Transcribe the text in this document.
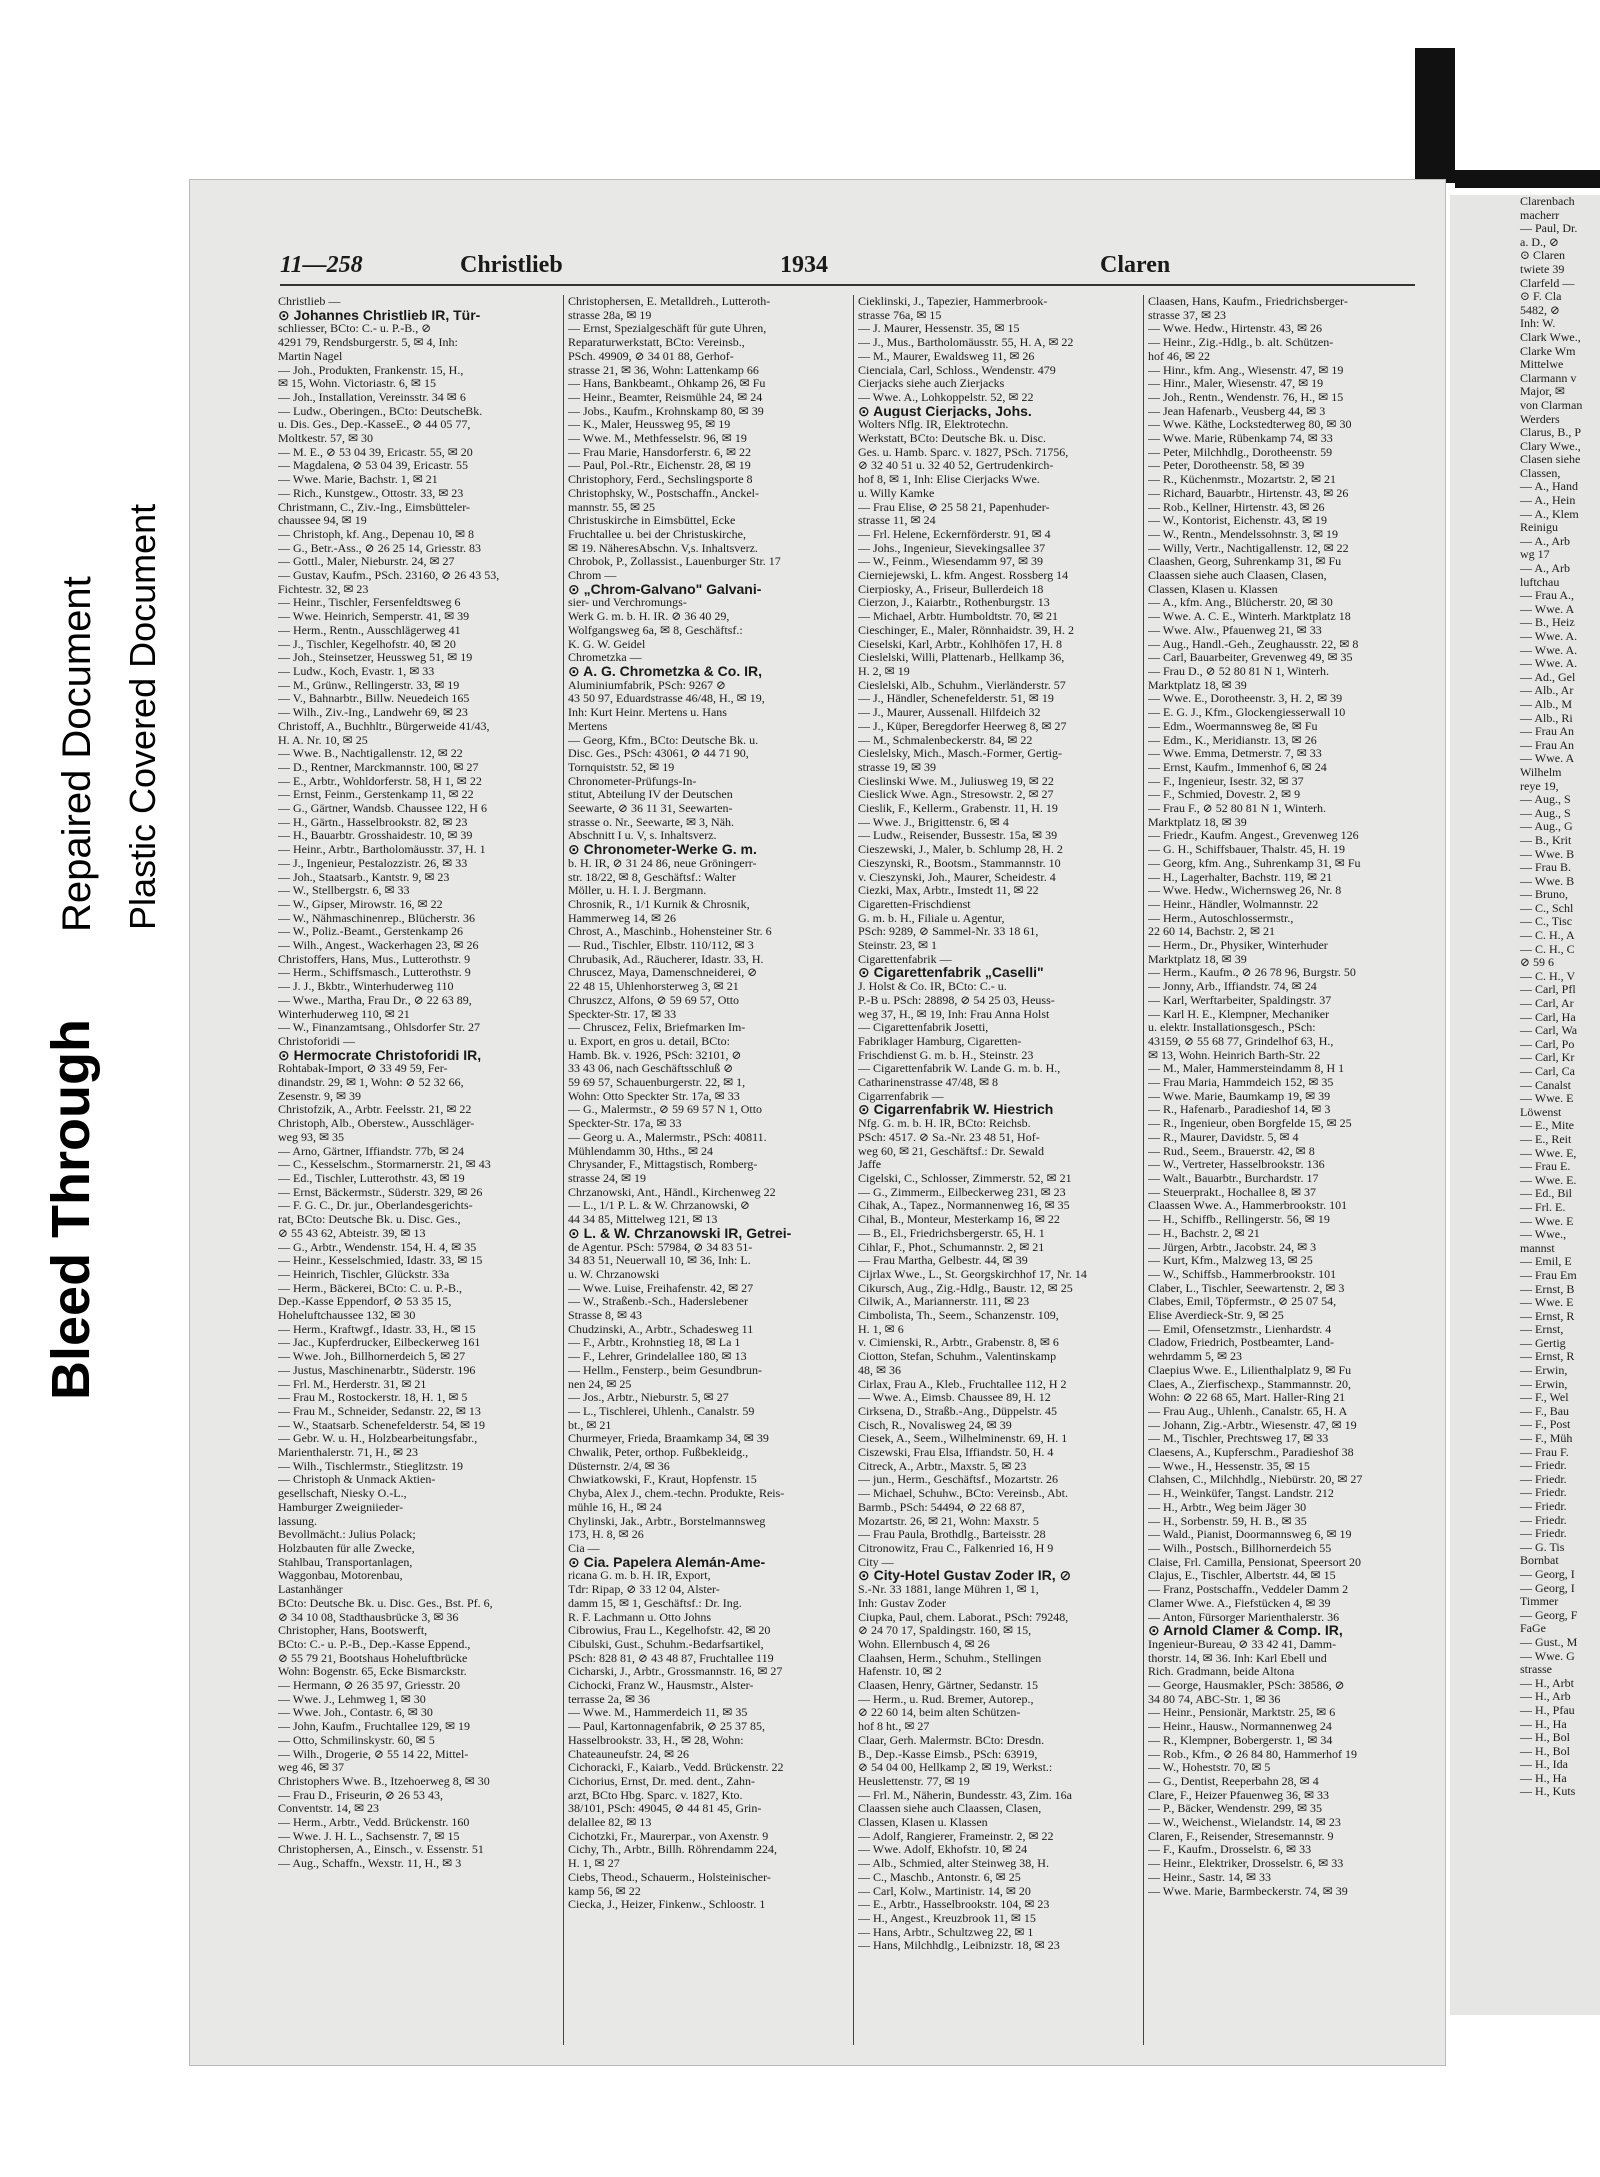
Bleed Through
Repaired Document Plastic Covered Document
11—258	Christlieb	1934	Claren
Christlieb —
⊙ Johannes Christlieb IR, Tür-
schliesser, BCto: C.- u. P.-B., ⊘
4291 79, Rendsburgerstr. 5, ✉ 4, Inh:
Martin Nagel
— Joh., Produkten, Frankenstr. 15, H.,
✉ 15, Wohn. Victoriastr. 6, ✉ 15
— Joh., Installation, Vereinsstr. 34 ✉ 6
— Ludw., Oberingen., BCto: DeutscheBk.
u. Dis. Ges., Dep.-KasseE., ⊘ 44 05 77,
Moltkestr. 57, ✉ 30
— M. E., ⊘ 53 04 39, Ericastr. 55, ✉ 20
— Magdalena, ⊘ 53 04 39, Ericastr. 55
— Wwe. Marie, Bachstr. 1, ✉ 21
— Rich., Kunstgew., Ottostr. 33, ✉ 23
Christmann, C., Ziv.-Ing., Eimsbütteler-
chaussee 94, ✉ 19
— Christoph, kf. Ang., Depenau 10, ✉ 8
— G., Betr.-Ass., ⊘ 26 25 14, Griesstr. 83
— Gottl., Maler, Nieburstr. 24, ✉ 27
— Gustav, Kaufm., PSch. 23160, ⊘ 26 43 53,
Fichtestr. 32, ✉ 23
— Heinr., Tischler, Fersenfeldtsweg 6
— Wwe. Heinrich, Semperstr. 41, ✉ 39
— Herm., Rentn., Ausschlägerweg 41
— J., Tischler, Kegelhofstr. 40, ✉ 20
— Joh., Steinsetzer, Heussweg 51, ✉ 19
— Ludw., Koch, Evastr. 1, ✉ 33
— M., Grünw., Rellingerstr. 33, ✉ 19
— V., Bahnarbtr., Billw. Neuedeich 165
— Wilh., Ziv.-Ing., Landwehr 69, ✉ 23
Christoff, A., Buchhltr., Bürgerweide 41/43,
H. A. Nr. 10, ✉ 25
— Wwe. B., Nachtigallenstr. 12, ✉ 22
— D., Rentner, Marckmannstr. 100, ✉ 27
— E., Arbtr., Wohldorferstr. 58, H 1, ✉ 22
— Ernst, Feinm., Gerstenkamp 11, ✉ 22
— G., Gärtner, Wandsb. Chaussee 122, H 6
— H., Gärtn., Hasselbrookstr. 82, ✉ 23
— H., Bauarbtr. Grosshaidestr. 10, ✉ 39
— Heinr., Arbtr., Bartholomäusstr. 37, H. 1
— J., Ingenieur, Pestalozzistr. 26, ✉ 33
— Joh., Staatsarb., Kantstr. 9, ✉ 23
— W., Stellbergstr. 6, ✉ 33
— W., Gipser, Mirowstr. 16, ✉ 22
— W., Nähmaschinenrep., Blücherstr. 36
— W., Poliz.-Beamt., Gerstenkamp 26
— Wilh., Angest., Wackerhagen 23, ✉ 26
Christoffers, Hans, Mus., Lutterothstr. 9
— Herm., Schiffsmasch., Lutterothstr. 9
— J. J., Bkbtr., Winterhuderweg 110
— Wwe., Martha, Frau Dr., ⊘ 22 63 89,
Winterhuderweg 110, ✉ 21
— W., Finanzamtsang., Ohlsdorfer Str. 27
Christoforidi —
⊙ Hermocrate Christoforidi IR,
Rohtabak-Import, ⊘ 33 49 59, Fer-
dinandstr. 29, ✉ 1, Wohn: ⊘ 52 32 66,
Zesenstr. 9, ✉ 39
Christofzik, A., Arbtr. Feelsstr. 21, ✉ 22
Christoph, Alb., Oberstew., Ausschläger-
weg 93, ✉ 35
— Arno, Gärtner, Iffiandstr. 77b, ✉ 24
— C., Kesselschm., Stormarnerstr. 21, ✉ 43
— Ed., Tischler, Lutterothstr. 43, ✉ 19
— Ernst, Bäckermstr., Süderstr. 329, ✉ 26
— F. G. C., Dr. jur., Oberlandesgerichts-
rat, BCto: Deutsche Bk. u. Disc. Ges.,
⊘ 55 43 62, Abteistr. 39, ✉ 13
— G., Arbtr., Wendenstr. 154, H. 4, ✉ 35
— Heinr., Kesselschmied, Idastr. 33, ✉ 15
— Heinrich, Tischler, Glückstr. 33a
— Herm., Bäckerei, BCto: C. u. P.-B.,
Dep.-Kasse Eppendorf, ⊘ 53 35 15,
Hoheluftchaussee 132, ✉ 30
— Herm., Kraftwgf., Idastr. 33, H., ✉ 15
— Jac., Kupferdrucker, Eilbeckerweg 161
— Wwe. Joh., Billhornerdeich 5, ✉ 27
— Justus, Maschinenarbtr., Süderstr. 196
— Frl. M., Herderstr. 31, ✉ 21
— Frau M., Rostockerstr. 18, H. 1, ✉ 5
— Frau M., Schneider, Sedanstr. 22, ✉ 13
— W., Staatsarb. Schenefelderstr. 54, ✉ 19
— Gebr. W. u. H., Holzbearbeitungsfabr.,
Marienthalerstr. 71, H., ✉ 23
— Wilh., Tischlermstr., Stieglitzstr. 19
— Christoph & Unmack Aktien-
gesellschaft, Niesky O.-L.,
Hamburger Zweigniieder-
lassung.
Bevollmächt.: Julius Polack;
Holzbauten für alle Zwecke,
Stahlbau, Transportanlagen,
Waggonbau, Motorenbau,
Lastanhänger
BCto: Deutsche Bk. u. Disc. Ges., Bst. Pf. 6,
⊘ 34 10 08, Stadthausbrücke 3, ✉ 36
Christopher, Hans, Bootswerft,
BCto: C.- u. P.-B., Dep.-Kasse Eppend.,
⊘ 55 79 21, Bootshaus Hoheluftbrücke
Wohn: Bogenstr. 65, Ecke Bismarckstr.
— Hermann, ⊘ 26 35 97, Griesstr. 20
— Wwe. J., Lehmweg 1, ✉ 30
— Wwe. Joh., Contastr. 6, ✉ 30
— John, Kaufm., Fruchtallee 129, ✉ 19
— Otto, Schmilinskystr. 60, ✉ 5
— Wilh., Drogerie, ⊘ 55 14 22, Mittel-
weg 46, ✉ 37
Christophers Wwe. B., Itzehoerweg 8, ✉ 30
— Frau D., Friseurin, ⊘ 26 53 43,
Conventstr. 14, ✉ 23
— Herm., Arbtr., Vedd. Brückenstr. 160
— Wwe. J. H. L., Sachsenstr. 7, ✉ 15
Christophersen, A., Einsch., v. Essenstr. 51
— Aug., Schaffn., Wexstr. 11, H., ✉ 3
Christophersen, E. Metalldreh., Lutteroth-
strasse 28a, ✉ 19
— Ernst, Spezialgeschäft für gute Uhren,
Reparaturwerkstatt, BCto: Vereinsb.,
PSch. 49909, ⊘ 34 01 88, Gerhof-
strasse 21, ✉ 36, Wohn: Lattenkamp 66
— Hans, Bankbeamt., Ohkamp 26, ✉ Fu
— Heinr., Beamter, Reismühle 24, ✉ 24
— Jobs., Kaufm., Krohnskamp 80, ✉ 39
— K., Maler, Heussweg 95, ✉ 19
— Wwe. M., Methfesselstr. 96, ✉ 19
— Frau Marie, Hansdorferstr. 6, ✉ 22
— Paul, Pol.-Rtr., Eichenstr. 28, ✉ 19
Christophory, Ferd., Sechslingsporte 8
Christophsky, W., Postschaffn., Anckel-
mannstr. 55, ✉ 25
Christuskirche in Eimsbüttel, Ecke
Fruchtallee u. bei der Christuskirche,
✉ 19. NäheresAbschn. V,s. Inhaltsverz.
Chrobok, P., Zollassist., Lauenburger Str. 17
Chrom —
⊙ „Chrom-Galvano" Galvani-
sier- und Verchromungs-
Werk G. m. b. H. IR. ⊘ 36 40 29,
Wolfgangsweg 6a, ✉ 8, Geschäftsf.:
K. G. W. Geidel
Chrometzka —
⊙ A. G. Chrometzka & Co. IR,
Aluminiumfabrik, PSch: 9267 ⊘
43 50 97, Eduardstrasse 46/48, H., ✉ 19,
Inh: Kurt Heinr. Mertens u. Hans
Mertens
— Georg, Kfm., BCto: Deutsche Bk. u.
Disc. Ges., PSch: 43061, ⊘ 44 71 90,
Tornquiststr. 52, ✉ 19
Chronometer-Prüfungs-In-
stitut, Abteilung IV der Deutschen
Seewarte, ⊘ 36 11 31, Seewarten-
strasse o. Nr., Seewarte, ✉ 3, Näh.
Abschnitt I u. V, s. Inhaltsverz.
⊙ Chronometer-Werke G. m.
b. H. IR, ⊘ 31 24 86, neue Gröningerr-
str. 18/22, ✉ 8, Geschäftsf.: Walter
Möller, u. H. I. J. Bergmann.
Chrosnik, R., 1/1 Kurnik & Chrosnik,
Hammerweg 14, ✉ 26
Chrost, A., Maschinb., Hohensteiner Str. 6
— Rud., Tischler, Elbstr. 110/112, ✉ 3
Chrubasik, Ad., Räucherer, Idastr. 33, H.
Chruscez, Maya, Damenschneiderei, ⊘
22 48 15, Uhlenhorsterweg 3, ✉ 21
Chruszcz, Alfons, ⊘ 59 69 57, Otto
Speckter-Str. 17, ✉ 33
— Chruscez, Felix, Briefmarken Im-
u. Export, en gros u. detail, BCto:
Hamb. Bk. v. 1926, PSch: 32101, ⊘
33 43 06, nach Geschäftsschluß ⊘
59 69 57, Schauenburgerstr. 22, ✉ 1,
Wohn: Otto Speckter Str. 17a, ✉ 33
— G., Malermstr., ⊘ 59 69 57 N 1, Otto
Speckter-Str. 17a, ✉ 33
— Georg u. A., Malermstr., PSch: 40811.
Mühlendamm 30, Hths., ✉ 24
Chrysander, F., Mittagstisch, Romberg-
strasse 24, ✉ 19
Chrzanowski, Ant., Händl., Kirchenweg 22
— L., 1/1 P. L. & W. Chrzanowski, ⊘
44 34 85, Mittelweg 121, ✉ 13
⊙ L. & W. Chrzanowski IR, Getrei-
de Agentur. PSch: 57984, ⊘ 34 83 51-
34 83 51, Neuerwall 10, ✉ 36, Inh: L.
u. W. Chrzanowski
— Wwe. Luise, Freihafenstr. 42, ✉ 27
— W., Straßenb.-Sch., Haderslebener
Strasse 8, ✉ 43
Chudzinski, A., Arbtr., Schadesweg 11
— F., Arbtr., Krohnstieg 18, ✉ La 1
— F., Lehrer, Grindelallee 180, ✉ 13
— Hellm., Fensterp., beim Gesundbrun-
nen 24, ✉ 25
— Jos., Arbtr., Nieburstr. 5, ✉ 27
— L., Tischlerei, Uhlenh., Canalstr. 59
bt., ✉ 21
Churmeyer, Frieda, Braamkamp 34, ✉ 39
Chwalik, Peter, orthop. Fußbekleidg.,
Düsternstr. 2/4, ✉ 36
Chwiatkowski, F., Kraut, Hopfenstr. 15
Chyba, Alex J., chem.-techn. Produkte, Reis-
mühle 16, H., ✉ 24
Chylinski, Jak., Arbtr., Borstelmannsweg
173, H. 8, ✉ 26
Cia —
⊙ Cia. Papelera Alemán-Ame-
ricana G. m. b. H. IR, Export,
Tdr: Ripap, ⊘ 33 12 04, Alster-
damm 15, ✉ 1, Geschäftsf.: Dr. Ing.
R. F. Lachmann u. Otto Johns
Cibrowius, Frau L., Kegelhofstr. 42, ✉ 20
Cibulski, Gust., Schuhm.-Bedarfsartikel,
PSch: 828 81, ⊘ 43 48 87, Fruchtallee 119
Cicharski, J., Arbtr., Grossmannstr. 16, ✉ 27
Cichocki, Franz W., Hausmstr., Alster-
terrasse 2a, ✉ 36
— Wwe. M., Hammerdeich 11, ✉ 35
— Paul, Kartonnagenfabrik, ⊘ 25 37 85,
Hasselbrookstr. 33, H., ✉ 28, Wohn:
Chateauneufstr. 24, ✉ 26
Cichoracki, F., Kaiarb., Vedd. Brückenstr. 22
Cichorius, Ernst, Dr. med. dent., Zahn-
arzt, BCto Hbg. Sparc. v. 1827, Kto.
38/101, PSch: 49045, ⊘ 44 81 45, Grin-
delallee 82, ✉ 13
Cichotzki, Fr., Maurerpar., von Axenstr. 9
Cichy, Th., Arbtr., Billh. Röhrendamm 224,
H. 1, ✉ 27
Ciebs, Theod., Schauerm., Holsteinischer-
kamp 56, ✉ 22
Ciecka, J., Heizer, Finkenw., Schloostr. 1
Cieklinski, J., Tapezier, Hammerbrook-
strasse 76a, ✉ 15
— J. Maurer, Hessenstr. 35, ✉ 15
— J., Mus., Bartholomäusstr. 55, H. A, ✉ 22
— M., Maurer, Ewaldsweg 11, ✉ 26
Cienciala, Carl, Schloss., Wendenstr. 479
Cierjacks siehe auch Zierjacks
— Wwe. A., Lohkoppelstr. 52, ✉ 22
⊙ August Cierjacks, Johs.
Wolters Nflg. IR, Elektrotechn.
Werkstatt, BCto: Deutsche Bk. u. Disc.
Ges. u. Hamb. Sparc. v. 1827, PSch. 71756,
⊘ 32 40 51 u. 32 40 52, Gertrudenkirch-
hof 8, ✉ 1, Inh: Elise Cierjacks Wwe.
u. Willy Kamke
— Frau Elise, ⊘ 25 58 21, Papenhuder-
strasse 11, ✉ 24
— Frl. Helene, Eckernförderstr. 91, ✉ 4
— Johs., Ingenieur, Sievekingsallee 37
— W., Feinm., Wiesendamm 97, ✉ 39
Cierniejewski, L. kfm. Angest. Rossberg 14
Cierpiosky, A., Friseur, Bullerdeich 18
Cierzon, J., Kaiarbtr., Rothenburgstr. 13
— Michael, Arbtr. Humboldtstr. 70, ✉ 21
Cieschinger, E., Maler, Rönnhaidstr. 39, H. 2
Cieselski, Karl, Arbtr., Kohlhöfen 17, H. 8
Cieslelski, Willi, Plattenarb., Hellkamp 36,
H. 2, ✉ 19
Cieslelski, Alb., Schuhm., Vierländerstr. 57
— J., Händler, Schenefelderstr. 51, ✉ 19
— J., Maurer, Aussenall. Hilfdeich 32
— J., Küper, Beregdorfer Heerweg 8, ✉ 27
— M., Schmalenbeckerstr. 84, ✉ 22
Cieslelsky, Mich., Masch.-Former, Gertig-
strasse 19, ✉ 39
Cieslinski Wwe. M., Juliusweg 19, ✉ 22
Cieslick Wwe. Agn., Stresowstr. 2, ✉ 27
Cieslik, F., Kellerm., Grabenstr. 11, H. 19
— Wwe. J., Brigittenstr. 6, ✉ 4
— Ludw., Reisender, Bussestr. 15a, ✉ 39
Cieszewski, J., Maler, b. Schlump 28, H. 2
Cieszynski, R., Bootsm., Stammannstr. 10
v. Cieszynski, Joh., Maurer, Scheidestr. 4
Ciezki, Max, Arbtr., Imstedt 11, ✉ 22
Cigaretten-Frischdienst
G. m. b. H., Filiale u. Agentur,
PSch: 9289, ⊘ Sammel-Nr. 33 18 61,
Steinstr. 23, ✉ 1
Cigarettenfabrik —
⊙ Cigarettenfabrik „Caselli"
J. Holst & Co. IR, BCto: C.- u.
P.-B u. PSch: 28898, ⊘ 54 25 03, Heuss-
weg 37, H., ✉ 19, Inh: Frau Anna Holst
— Cigarettenfabrik Josetti,
Fabriklager Hamburg, Cigaretten-
Frischdienst G. m. b. H., Steinstr. 23
— Cigarettenfabrik W. Lande G. m. b. H.,
Catharinenstrasse 47/48, ✉ 8
Cigarrenfabrik —
⊙ Cigarrenfabrik W. Hiestrich
Nfg. G. m. b. H. IR, BCto: Reichsb.
PSch: 4517. ⊘ Sa.-Nr. 23 48 51, Hof-
weg 60, ✉ 21, Geschäftsf.: Dr. Sewald
Jaffe
Cigelski, C., Schlosser, Zimmerstr. 52, ✉ 21
— G., Zimmerm., Eilbeckerweg 231, ✉ 23
Cihak, A., Tapez., Normannenweg 16, ✉ 35
Cihal, B., Monteur, Mesterkamp 16, ✉ 22
— B., El., Friedrichsbergerstr. 65, H. 1
Cihlar, F., Phot., Schumannstr. 2, ✉ 21
— Frau Martha, Gelbestr. 44, ✉ 39
Cijrlax Wwe., L., St. Georgskirchhof 17, Nr. 14
Cikursch, Aug., Zig.-Hdlg., Baustr. 12, ✉ 25
Cilwik, A., Mariannerstr. 111, ✉ 23
Cimbolista, Th., Seem., Schanzenstr. 109,
H. 1, ✉ 6
v. Cimienski, R., Arbtr., Grabenstr. 8, ✉ 6
Ciotton, Stefan, Schuhm., Valentinskamp
48, ✉ 36
Cirlax, Frau A., Kleb., Fruchtallee 112, H 2
— Wwe. A., Eimsb. Chaussee 89, H. 12
Cirksena, D., Straßb.-Ang., Düppelstr. 45
Cisch, R., Novalisweg 24, ✉ 39
Ciesek, A., Seem., Wilhelminenstr. 69, H. 1
Ciszewski, Frau Elsa, Iffiandstr. 50, H. 4
Citreck, A., Arbtr., Maxstr. 5, ✉ 23
— jun., Herm., Geschäftsf., Mozartstr. 26
— Michael, Schuhw., BCto: Vereinsb., Abt.
Barmb., PSch: 54494, ⊘ 22 68 87,
Mozartstr. 26, ✉ 21, Wohn: Maxstr. 5
— Frau Paula, Brothdlg., Barteisstr. 28
Citronowitz, Frau C., Falkenried 16, H 9
City —
⊙ City-Hotel Gustav Zoder IR, ⊘
S.-Nr. 33 1881, lange Mühren 1, ✉ 1,
Inh: Gustav Zoder
Ciupka, Paul, chem. Laborat., PSch: 79248,
⊘ 24 70 17, Spaldingstr. 160, ✉ 15,
Wohn. Ellernbusch 4, ✉ 26
Claahsen, Herm., Schuhm., Stellingen
Hafenstr. 10, ✉ 2
Claasen, Henry, Gärtner, Sedanstr. 15
— Herm., u. Rud. Bremer, Autorep.,
⊘ 22 60 14, beim alten Schützen-
hof 8 ht., ✉ 27
Claar, Gerh. Malermstr. BCto: Dresdn.
B., Dep.-Kasse Eimsb., PSch: 63919,
⊘ 54 04 00, Hellkamp 2, ✉ 19, Werkst.:
Heuslettenstr. 77, ✉ 19
— Frl. M., Näherin, Bundesstr. 43, Zim. 16a
Claassen siehe auch Claassen, Clasen,
Classen, Klasen u. Klassen
— Adolf, Rangierer, Frameinstr. 2, ✉ 22
— Wwe. Adolf, Ekhofstr. 10, ✉ 24
— Alb., Schmied, alter Steinweg 38, H.
— C., Maschb., Antonstr. 6, ✉ 25
— Carl, Kolw., Martinistr. 14, ✉ 20
— E., Arbtr., Hasselbrookstr. 104, ✉ 23
— H., Angest., Kreuzbrook 11, ✉ 15
— Hans, Arbtr., Schultzweg 22, ✉ 1
— Hans, Milchhdlg., Leibnizstr. 18, ✉ 23
Claasen, Hans, Kaufm., Friedrichsberger-
strasse 37, ✉ 23
— Wwe. Hedw., Hirtenstr. 43, ✉ 26
— Heinr., Zig.-Hdlg., b. alt. Schützen-
hof 46, ✉ 22
— Hinr., kfm. Ang., Wiesenstr. 47, ✉ 19
— Hinr., Maler, Wiesenstr. 47, ✉ 19
— Joh., Rentn., Wendenstr. 76, H., ✉ 15
— Jean Hafenarb., Veusberg 44, ✉ 3
— Wwe. Käthe, Lockstedterweg 80, ✉ 30
— Wwe. Marie, Rübenkamp 74, ✉ 33
— Peter, Milchhdlg., Dorotheenstr. 59
— Peter, Dorotheenstr. 58, ✉ 39
— R., Küchenmstr., Mozartstr. 2, ✉ 21
— Richard, Bauarbtr., Hirtenstr. 43, ✉ 26
— Rob., Kellner, Hirtenstr. 43, ✉ 26
— W., Kontorist, Eichenstr. 43, ✉ 19
— W., Rentn., Mendelssohnstr. 3, ✉ 19
— Willy, Vertr., Nachtigallenstr. 12, ✉ 22
Claashen, Georg, Suhrenkamp 31, ✉ Fu
Claassen siehe auch Claasen, Clasen,
Classen, Klasen u. Klassen
— A., kfm. Ang., Blücherstr. 20, ✉ 30
— Wwe. A. C. E., Winterh. Marktplatz 18
— Wwe. Alw., Pfauenweg 21, ✉ 33
— Aug., Handl.-Geh., Zeughausstr. 22, ✉ 8
— Carl, Bauarbeiter, Grevenweg 49, ✉ 35
— Frau D., ⊘ 52 80 81 N 1, Winterh.
Marktplatz 18, ✉ 39
— Wwe. E., Dorotheenstr. 3, H. 2, ✉ 39
— E. G. J., Kfm., Glockengiesserwall 10
— Edm., Woermannsweg 8e, ✉ Fu
— Edm., K., Meridianstr. 13, ✉ 26
— Wwe. Emma, Detmerstr. 7, ✉ 33
— Ernst, Kaufm., Immenhof 6, ✉ 24
— F., Ingenieur, Isestr. 32, ✉ 37
— F., Schmied, Dovestr. 2, ✉ 9
— Frau F., ⊘ 52 80 81 N 1, Winterh.
Marktplatz 18, ✉ 39
— Friedr., Kaufm. Angest., Grevenweg 126
— G. H., Schiffsbauer, Thalstr. 45, H. 19
— Georg, kfm. Ang., Suhrenkamp 31, ✉ Fu
— H., Lagerhalter, Bachstr. 119, ✉ 21
— Wwe. Hedw., Wichernsweg 26, Nr. 8
— Heinr., Händler, Wolmannstr. 22
— Herm., Autoschlossermstr.,
22 60 14, Bachstr. 2, ✉ 21
— Herm., Dr., Physiker, Winterhuder
Marktplatz 18, ✉ 39
— Herm., Kaufm., ⊘ 26 78 96, Burgstr. 50
— Jonny, Arb., Iffiandstr. 74, ✉ 24
— Karl, Werftarbeiter, Spaldingstr. 37
— Karl H. E., Klempner, Mechaniker
u. elektr. Installationsgesch., PSch:
43159, ⊘ 55 68 77, Grindelhof 63, H.,
✉ 13, Wohn. Heinrich Barth-Str. 22
— M., Maler, Hammersteindamm 8, H 1
— Frau Maria, Hammdeich 152, ✉ 35
— Wwe. Marie, Baumkamp 19, ✉ 39
— R., Hafenarb., Paradieshof 14, ✉ 3
— R., Ingenieur, oben Borgfelde 15, ✉ 25
— R., Maurer, Davidstr. 5, ✉ 4
— Rud., Seem., Brauerstr. 42, ✉ 8
— W., Vertreter, Hasselbrookstr. 136
— Walt., Bauarbtr., Burchardstr. 17
— Steuerprakt., Hochallee 8, ✉ 37
Claassen Wwe. A., Hammerbrookstr. 101
— H., Schiffb., Rellingerstr. 56, ✉ 19
— H., Bachstr. 2, ✉ 21
— Jürgen, Arbtr., Jacobstr. 24, ✉ 3
— Kurt, Kfm., Malzweg 13, ✉ 25
— W., Schiffsb., Hammerbrookstr. 101
Claber, L., Tischler, Seewartenstr. 2, ✉ 3
Clabes, Emil, Töpfermstr., ⊘ 25 07 54,
Elise Averdieck-Str. 9, ✉ 25
— Emil, Ofensetzmstr., Lienhardstr. 4
Cladow, Friedrich, Postbeamter, Land-
wehrdamm 5, ✉ 23
Claepius Wwe. E., Lilienthalplatz 9, ✉ Fu
Claes, A., Zierfischexp., Stammannstr. 20,
Wohn: ⊘ 22 68 65, Mart. Haller-Ring 21
— Frau Aug., Uhlenh., Canalstr. 65, H. A
— Johann, Zig.-Arbtr., Wiesenstr. 47, ✉ 19
— M., Tischler, Prechtsweg 17, ✉ 33
Claesens, A., Kupferschm., Paradieshof 38
— Wwe., H., Hessenstr. 35, ✉ 15
Clahsen, C., Milchhdlg., Niebürstr. 20, ✉ 27
— H., Weinküfer, Tangst. Landstr. 212
— H., Arbtr., Weg beim Jäger 30
— H., Sorbenstr. 59, H. B., ✉ 35
— Wald., Pianist, Doormannsweg 6, ✉ 19
— Wilh., Postsch., Billhornerdeich 55
Claise, Frl. Camilla, Pensionat, Speersort 20
Clajus, E., Tischler, Albertstr. 44, ✉ 15
— Franz, Postschaffn., Veddeler Damm 2
Clamer Wwe. A., Fiefstücken 4, ✉ 39
— Anton, Fürsorger Marienthalerstr. 36
⊙ Arnold Clamer & Comp. IR,
Ingenieur-Bureau, ⊘ 33 42 41, Damm-
thorstr. 14, ✉ 36. Inh: Karl Ebell und
Rich. Gradmann, beide Altona
— George, Hausmakler, PSch: 38586, ⊘
34 80 74, ABC-Str. 1, ✉ 36
— Heinr., Pensionär, Marktstr. 25, ✉ 6
— Heinr., Hausw., Normannenweg 24
— R., Klempner, Bobergerstr. 1, ✉ 34
— Rob., Kfm., ⊘ 26 84 80, Hammerhof 19
— W., Hoheststr. 70, ✉ 5
— G., Dentist, Reeperbahn 28, ✉ 4
Clare, F., Heizer Pfauenweg 36, ✉ 33
— P., Bäcker, Wendenstr. 299, ✉ 35
— W., Weichenst., Wielandstr. 14, ✉ 23
Claren, F., Reisender, Stresemannstr. 9
— F., Kaufm., Drosselstr. 6, ✉ 33
— Heinr., Elektriker, Drosselstr. 6, ✉ 33
— Heinr., Sastr. 14, ✉ 33
— Wwe. Marie, Barmbeckerstr. 74, ✉ 39
Clarenbach
macherr
— Paul, Dr.
a. D., ⊘
⊙ Claren
twiete 39
Clarfeld —
⊙ F. Cla
5482, ⊘
Inh: W.
Clark Wwe.,
Clarke Wm
Mittelwe
Clarmann v
Major, ✉
von Clarman
Werders
Clarus, B., P
Clary Wwe.,
Clasen siehe
Classen,
— A., Hand
— A., Hein
— A., Klem
Reinigu
— A., Arb
wg 17
— A., Arb
luftchau
— Frau A.,
— Wwe. A
— B., Heiz
— Wwe. A.
— Wwe. A.
— Wwe. A.
— Ad., Gel
— Alb., Ar
— Alb., M
— Alb., Ri
— Frau An
— Frau An
— Wwe. A
Wilhelm
reye 19,
— Aug., S
— Aug., S
— Aug., G
— B., Krit
— Wwe. B
— Frau B.
— Wwe. B
— Bruno,
— C., Schl
— C., Tisc
— C. H., A
— C. H., C
⊘ 59 6
— C. H., V
— Carl, Pfl
— Carl, Ar
— Carl, Ha
— Carl, Wa
— Carl, Po
— Carl, Kr
— Carl, Ca
— Canalst
— Wwe. E
Löwenst
— E., Mite
— E., Reit
— Wwe. E,
— Frau E.
— Wwe. E.
— Ed., Bil
— Frl. E.
— Wwe. E
— Wwe.,
mannst
— Emil, E
— Frau Em
— Ernst, B
— Wwe. E
— Ernst, R
— Ernst,
— Gertig
— Ernst, R
— Erwin,
— Erwin,
— F., Wel
— F., Bau
— F., Post
— F., Müh
— Frau F.
— Friedr.
— Friedr.
— Friedr.
— Friedr.
— Friedr.
— Friedr.
— G. Tis
Bornbat
— Georg, I
— Georg, I
Timmer
— Georg, F
FaGe
— Gust., M
— Wwe. G
strasse
— H., Arbt
— H., Arb
— H., Pfau
— H., Ha
— H., Bol
— H., Bol
— H., Ida
— H., Ha
— H., Kuts
